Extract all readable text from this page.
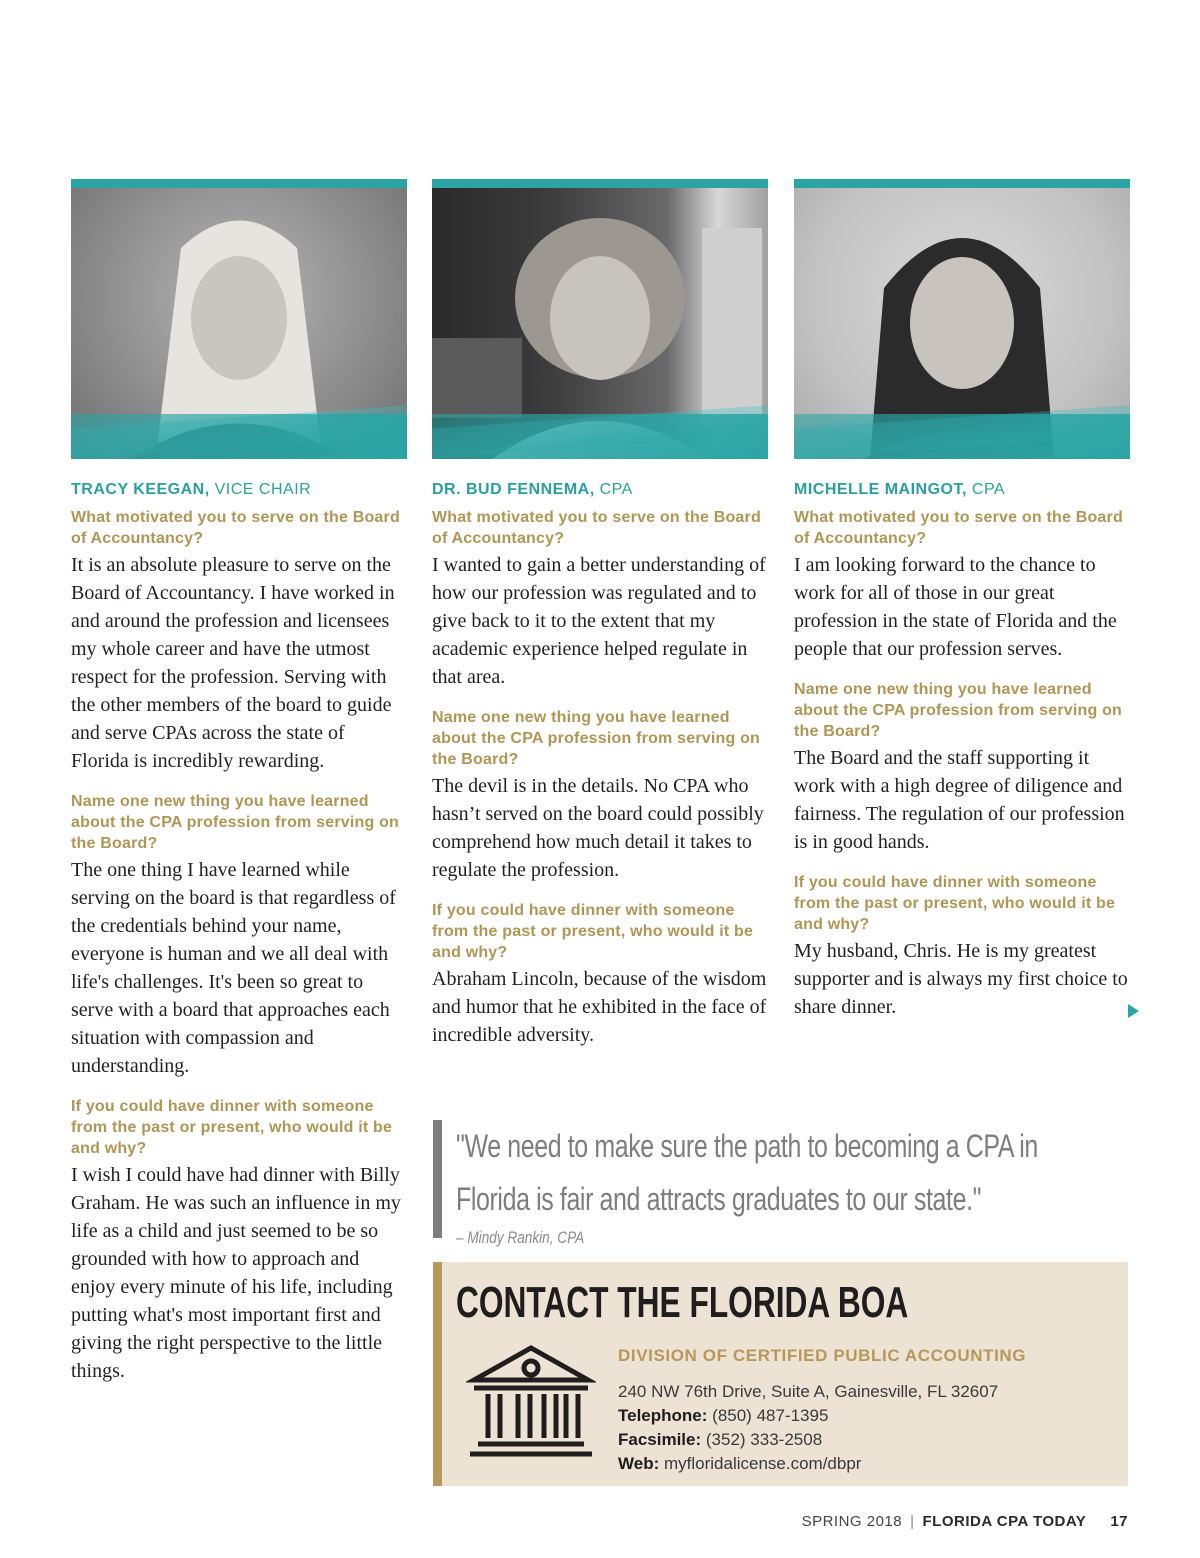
TRACY KEEGAN, VICE CHAIR

What motivated you to serve on the Board of Accountancy?

It is an absolute pleasure to serve on the Board of Accountancy. I have worked in and around the profession and licensees my whole career and have the utmost respect for the profession. Serving with the other members of the board to guide and serve CPAs across the state of Florida is incredibly rewarding.

Name one new thing you have learned about the CPA profession from serving on the Board?

The one thing I have learned while serving on the board is that regardless of the credentials behind your name, everyone is human and we all deal with life's challenges. It's been so great to serve with a board that approaches each situation with compassion and understanding.

If you could have dinner with someone from the past or present, who would it be and why?

I wish I could have had dinner with Billy Graham. He was such an influence in my life as a child and just seemed to be so grounded with how to approach and enjoy every minute of his life, including putting what's most important first and giving the right perspective to the little things.

DR. BUD FENNEMA, CPA

What motivated you to serve on the Board of Accountancy?

I wanted to gain a better understanding of how our profession was regulated and to give back to it to the extent that my academic experience helped regulate in that area.

Name one new thing you have learned about the CPA profession from serving on the Board?

The devil is in the details. No CPA who hasn’t served on the board could possibly comprehend how much detail it takes to regulate the profession.

If you could have dinner with someone from the past or present, who would it be and why?

Abraham Lincoln, because of the wisdom and humor that he exhibited in the face of incredible adversity.

MICHELLE MAINGOT, CPA

What motivated you to serve on the Board of Accountancy?

I am looking forward to the chance to work for all of those in our great profession in the state of Florida and the people that our profession serves.

Name one new thing you have learned about the CPA profession from serving on the Board?

The Board and the staff supporting it work with a high degree of diligence and fairness. The regulation of our profession is in good hands.

If you could have dinner with someone from the past or present, who would it be and why?

My husband, Chris. He is my greatest supporter and is always my first choice to share dinner.

"We need to make sure the path to becoming a CPA in Florida is fair and attracts graduates to our state."
– Mindy Rankin, CPA
CONTACT THE FLORIDA BOA
DIVISION OF CERTIFIED PUBLIC ACCOUNTING
240 NW 76th Drive, Suite A, Gainesville, FL 32607
Telephone: (850) 487-1395
Facsimile: (352) 333-2508
Web: myfloridalicense.com/dbpr
SPRING 2018 | FLORIDA CPA TODAY 17
